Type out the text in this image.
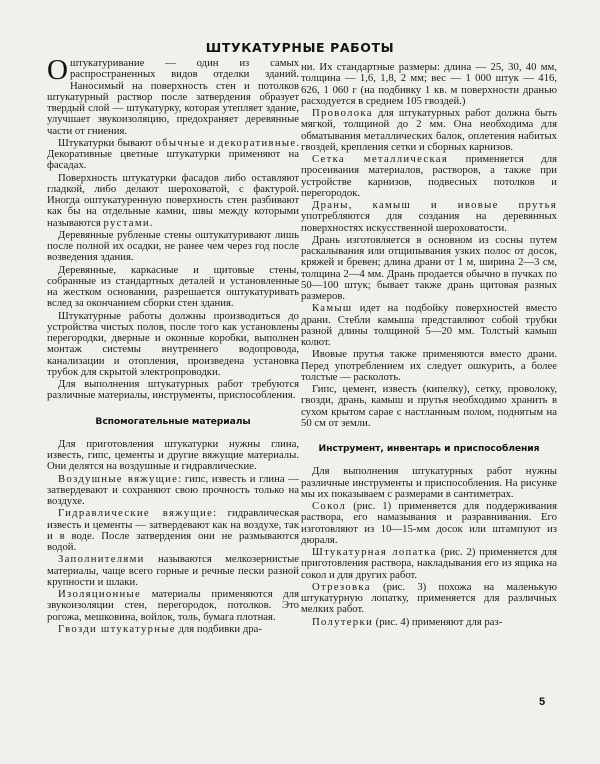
ШТУКАТУРНЫЕ РАБОТЫ

Оштукатуривание — один из самых распространенных видов отделки зданий. Наносимый на поверхность стен и потолков штукатурный раствор после затвердения образует твердый слой — штукатурку, которая утепляет здание, улучшает звукоизоляцию, предохраняет деревянные части от гниения.

Штукатурки бывают обычные и декоративные. Декоративные цветные штукатурки применяют на фасадах.

Поверхность штукатурки фасадов либо оставляют гладкой, либо делают шероховатой, с фактурой. Иногда оштукатуренную поверхность стен разбивают как бы на отдельные камни, швы между которыми называются рустами.

Деревянные рубленые стены оштукатуривают лишь после полной их осадки, не ранее чем через год после возведения здания.

Деревянные, каркасные и щитовые стены, собранные из стандартных деталей и установленные на жестком основании, разрешается оштукатуривать вслед за окончанием сборки стен здания.

Штукатурные работы должны производиться до устройства чистых полов, после того как установлены перегородки, дверные и оконные коробки, выполнен монтаж системы внутреннего водопровода, канализации и отопления, произведена установка трубок для скрытой электропроводки.

Для выполнения штукатурных работ требуются различные материалы, инструменты, приспособления.

Вспомогательные материалы

Для приготовления штукатурки нужны глина, известь, гипс, цементы и другие вяжущие материалы. Они делятся на воздушные и гидравлические.

Воздушные вяжущие: гипс, известь и глина — затвердевают и сохраняют свою прочность только на воздухе.

Гидравлические вяжущие: гидравлическая известь и цементы — затвердевают как на воздухе, так и в воде. После затвердения они не размываются водой.

Заполнителями называются мелкозернистые материалы, чаще всего горные и речные пески разной крупности и шлаки.

Изоляционные материалы применяются для звукоизоляции стен, перегородок, потолков. Это рогожа, мешковина, войлок, толь, бумага плотная.

Гвозди штукатурные для подбивки дра-

ни. Их стандартные размеры: длина — 25, 30, 40 мм, толщина — 1,6, 1,8, 2 мм; вес — 1 000 штук — 416, 626, 1 060 г (на подбивку 1 кв. м поверхности дранью расходуется в среднем 105 гвоздей.)

Проволока для штукатурных работ должна быть мягкой, толщиной до 2 мм. Она необходима для обматывания металлических балок, оплетения набитых гвоздей, крепления сетки и сборных карнизов.

Сетка металлическая применяется для просеивания материалов, растворов, а также при устройстве карнизов, подвесных потолков и перегородок.

Драны, камыш и ивовые прутья употребляются для создания на деревянных поверхностях искусственной шероховатости.

Дрань изготовляется в основном из сосны путем раскалывания или отщипывания узких полос от досок, кряжей и бревен; длина драни от 1 м, ширина 2—3 см, толщина 2—4 мм. Дрань продается обычно в пучках по 50—100 штук; бывает также дрань щитовая разных размеров.

Камыш идет на подбойку поверхностей вместо драни. Стебли камыша представляют собой трубки разной длины толщиной 5—20 мм. Толстый камыш колют.

Ивовые прутья также применяются вместо драни. Перед употреблением их следует ошкурить, а более толстые — расколоть.

Гипс, цемент, известь (кипелку), сетку, проволоку, гвозди, дрань, камыш и прутья необходимо хранить в сухом крытом сарае с настланным полом, поднятым на 50 см от земли.

Инструмент, инвентарь и приспособления

Для выполнения штукатурных работ нужны различные инструменты и приспособления. На рисунке мы их показываем с размерами в сантиметрах.

Сокол (рис. 1) применяется для поддерживания раствора, его намазывания и разравнивания. Его изготовляют из 10—15-мм досок или штампуют из дюраля.

Штукатурная лопатка (рис. 2) применяется для приготовления раствора, накладывания его из ящика на сокол и для других работ.

Отрезовка (рис. 3) похожа на маленькую штукатурную лопатку, применяется для различных мелких работ.

Полутерки (рис. 4) применяют для раз-

5
